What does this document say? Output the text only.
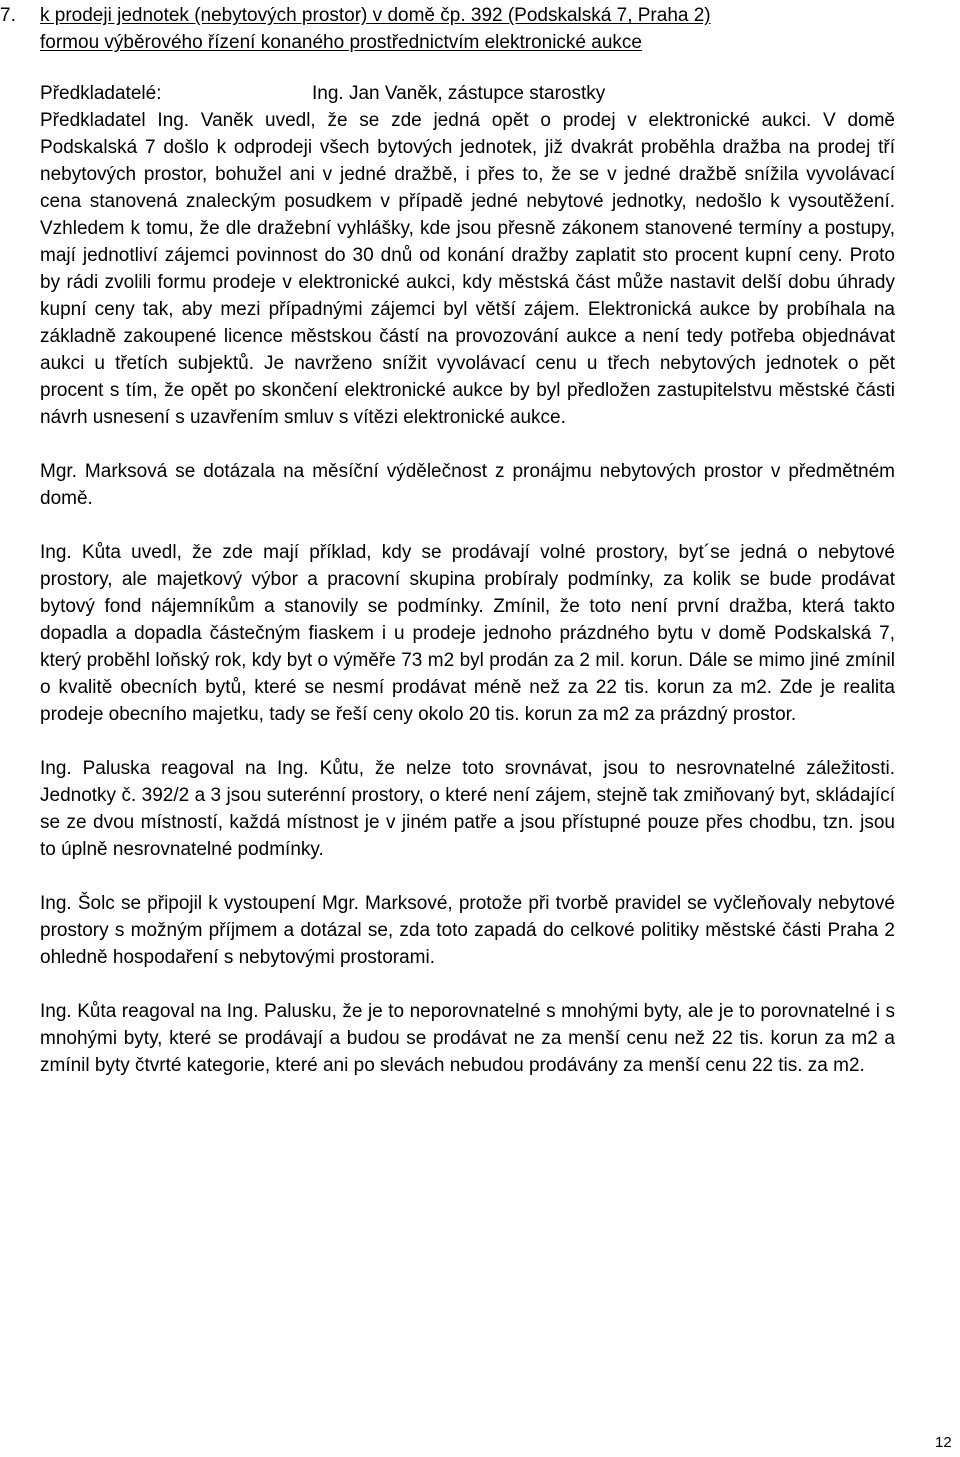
7. k prodeji jednotek (nebytových prostor) v domě čp. 392 (Podskalská 7, Praha 2)
formou výběrového řízení konaného prostřednictvím elektronické aukce
Předkladatelé:	Ing. Jan Vaněk, zástupce starostky

Předkladatel Ing. Vaněk uvedl, že se zde jedná opět o prodej v elektronické aukci. V domě Podskalská 7 došlo k odprodeji všech bytových jednotek, již dvakrát proběhla dražba na prodej tří nebytových prostor, bohužel ani v jedné dražbě, i přes to, že se v jedné dražbě snížila vyvolávací cena stanovená znaleckým posudkem v případě jedné nebytové jednotky, nedošlo k vysoutěžení. Vzhledem k tomu, že dle dražební vyhlášky, kde jsou přesně zákonem stanovené termíny a postupy, mají jednotliví zájemci povinnost do 30 dnů od konání dražby zaplatit sto procent kupní ceny. Proto by rádi zvolili formu prodeje v elektronické aukci, kdy městská část může nastavit delší dobu úhrady kupní ceny tak, aby mezi případnými zájemci byl větší zájem. Elektronická aukce by probíhala na základně zakoupené licence městskou částí na provozování aukce a není tedy potřeba objednávat aukci u třetích subjektů. Je navrženo snížit vyvolávací cenu u třech nebytových jednotek o pět procent s tím, že opět po skončení elektronické aukce by byl předložen zastupitelstvu městské části návrh usnesení s uzavřením smluv s vítězi elektronické aukce.

Mgr. Marksová se dotázala na měsíční výdělečnost z pronájmu nebytových prostor v předmětném domě.

Ing. Kůta uvedl, že zde mají příklad, kdy se prodávají volné prostory, byt´se jedná o nebytové prostory, ale majetkový výbor a pracovní skupina probíraly podmínky, za kolik se bude prodávat bytový fond nájemníkům a stanovily se podmínky. Zmínil, že toto není první dražba, která takto dopadla a dopadla částečným fiaskem i u prodeje jednoho prázdného bytu v domě Podskalská 7, který proběhl loňský rok, kdy byt o výměře 73 m2 byl prodán za 2 mil. korun. Dále se mimo jiné zmínil o kvalitě obecních bytů, které se nesmí prodávat méně než za 22 tis. korun za m2. Zde je realita prodeje obecního majetku, tady se řeší ceny okolo 20 tis. korun za m2 za prázdný prostor.

Ing. Paluska reagoval na Ing. Kůtu, že nelze toto srovnávat, jsou to nesrovnatelné záležitosti. Jednotky č. 392/2 a 3 jsou suterénní prostory, o které není zájem, stejně tak zmiňovaný byt, skládající se ze dvou místností, každá místnost je v jiném patře a jsou přístupné pouze přes chodbu, tzn. jsou to úplně nesrovnatelné podmínky.

Ing. Šolc se připojil k vystoupení Mgr. Marksové, protože při tvorbě pravidel se vyčleňovaly nebytové prostory s možným příjmem a dotázal se, zda toto zapadá do celkové politiky městské části Praha 2 ohledně hospodaření s nebytovými prostorami.

Ing. Kůta reagoval na Ing. Palusku, že je to neporovnatelné s mnohými byty, ale je to porovnatelné i s mnohými byty, které se prodávají a budou se prodávat ne za menší cenu než 22 tis. korun za m2 a zmínil byty čtvrté kategorie, které ani po slevách nebudou prodávány za menší cenu 22 tis. za m2.

12
